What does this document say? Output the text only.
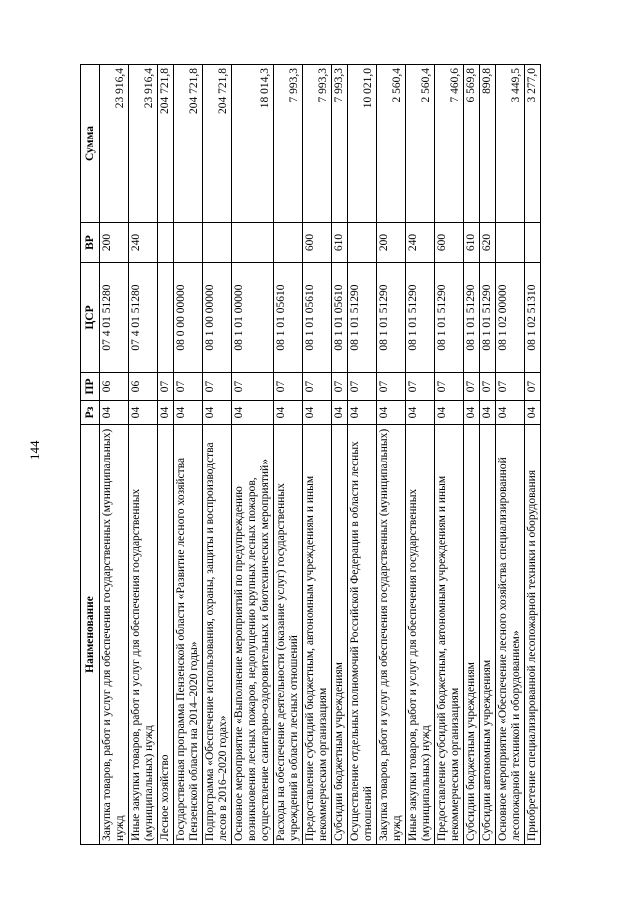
144
Наименование	Рз	ПР	ЦСР	ВР	Сумма
Закупка товаров, работ и услуг для обеспечения государственных (муниципальных) нужд	04	06	07 4 01 51280	200	23 916,4
Иные закупки товаров, работ и услуг для обеспечения государственных (муниципальных) нужд	04	06	07 4 01 51280	240	23 916,4
Лесное хозяйство	04	07			204 721,8
Государственная программа Пензенской области «Развитие лесного хозяйства Пензенской области на 2014–2020 годы»	04	07	08 0 00 00000		204 721,8
Подпрограмма «Обеспечение использования, охраны, защиты и воспроизводства лесов в 2016–2020 годах»	04	07	08 1 00 00000		204 721,8
Основное мероприятие «Выполнение мероприятий по предупреждению возникновения лесных пожаров, недопущению крупных лесных пожаров, осуществление санитарно-оздоровительных и биотехнических мероприятий»	04	07	08 1 01 00000		18 014,3
Расходы на обеспечение деятельности (оказание услуг) государственных учреждений в области лесных отношений	04	07	08 1 01 05610		7 993,3
Предоставление субсидий бюджетным, автономным учреждениям и иным некоммерческим организациям	04	07	08 1 01 05610	600	7 993,3
Субсидии бюджетным учреждениям	04	07	08 1 01 05610	610	7 993,3
Осуществление отдельных полномочий Российской Федерации в области лесных отношений	04	07	08 1 01 51290		10 021,0
Закупка товаров, работ и услуг для обеспечения государственных (муниципальных) нужд	04	07	08 1 01 51290	200	2 560,4
Иные закупки товаров, работ и услуг для обеспечения государственных (муниципальных) нужд	04	07	08 1 01 51290	240	2 560,4
Предоставление субсидий бюджетным, автономным учреждениям и иным некоммерческим организациям	04	07	08 1 01 51290	600	7 460,6
Субсидии бюджетным учреждениям	04	07	08 1 01 51290	610	6 569,8
Субсидии автономным учреждениям	04	07	08 1 01 51290	620	890,8
Основное мероприятие «Обеспечение лесного хозяйства специализированной лесопожарной техникой и оборудованием»	04	07	08 1 02 00000		3 449,5
Приобретение специализированной лесопожарной техники и оборудования	04	07	08 1 02 51310		3 277,0
